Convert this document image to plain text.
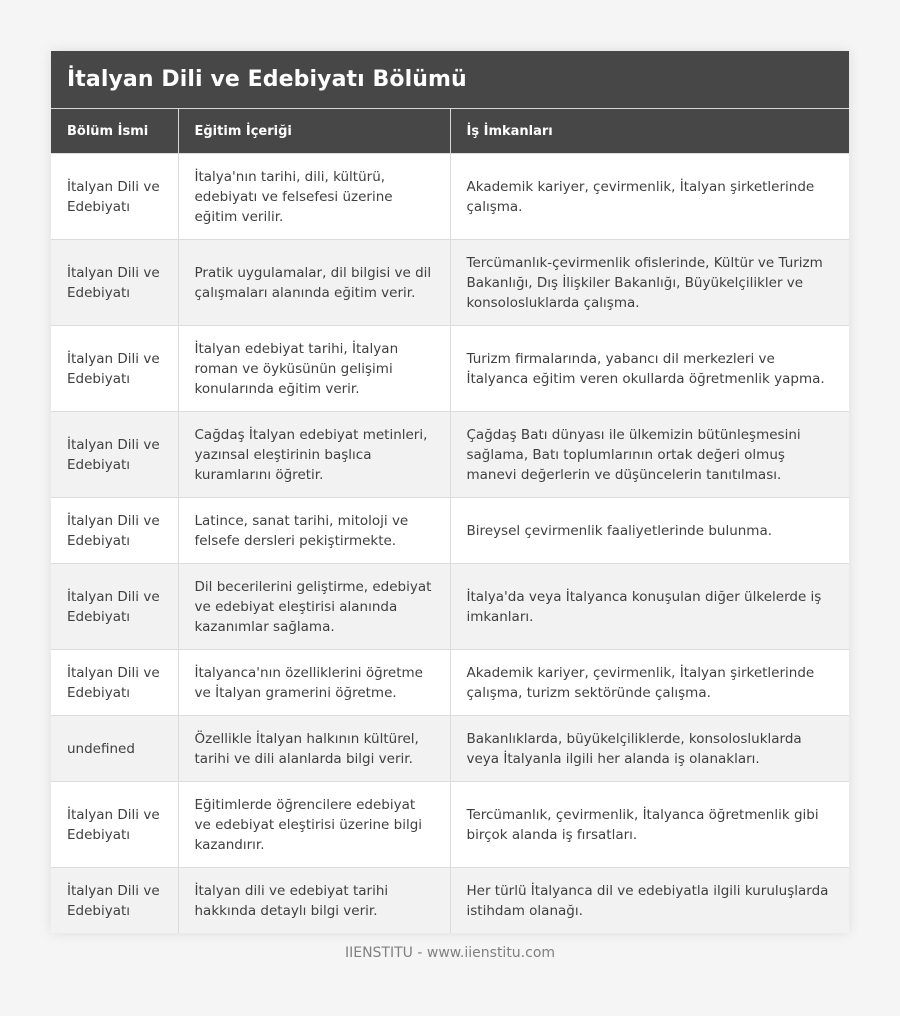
İtalyan Dili ve Edebiyatı Bölümü
Bölüm İsmi	Eğitim İçeriği	İş İmkanları
İtalyan Dili ve Edebiyatı	İtalya'nın tarihi, dili, kültürü, edebiyatı ve felsefesi üzerine eğitim verilir.	Akademik kariyer, çevirmenlik, İtalyan şirketlerinde çalışma.
İtalyan Dili ve Edebiyatı	Pratik uygulamalar, dil bilgisi ve dil çalışmaları alanında eğitim verir.	Tercümanlık-çevirmenlik ofislerinde, Kültür ve Turizm Bakanlığı, Dış İlişkiler Bakanlığı, Büyükelçilikler ve konsolosluklarda çalışma.
İtalyan Dili ve Edebiyatı	İtalyan edebiyat tarihi, İtalyan roman ve öyküsünün gelişimi konularında eğitim verir.	Turizm firmalarında, yabancı dil merkezleri ve İtalyanca eğitim veren okullarda öğretmenlik yapma.
İtalyan Dili ve Edebiyatı	Cağdaş İtalyan edebiyat metinleri, yazınsal eleştirinin başlıca kuramlarını öğretir.	Çağdaş Batı dünyası ile ülkemizin bütünleşmesini sağlama, Batı toplumlarının ortak değeri olmuş manevi değerlerin ve düşüncelerin tanıtılması.
İtalyan Dili ve Edebiyatı	Latince, sanat tarihi, mitoloji ve felsefe dersleri pekiştirmekte.	Bireysel çevirmenlik faaliyetlerinde bulunma.
İtalyan Dili ve Edebiyatı	Dil becerilerini geliştirme, edebiyat ve edebiyat eleştirisi alanında kazanımlar sağlama.	İtalya'da veya İtalyanca konuşulan diğer ülkelerde iş imkanları.
İtalyan Dili ve Edebiyatı	İtalyanca'nın özelliklerini öğretme ve İtalyan gramerini öğretme.	Akademik kariyer, çevirmenlik, İtalyan şirketlerinde çalışma, turizm sektöründe çalışma.
undefined	Özellikle İtalyan halkının kültürel, tarihi ve dili alanlarda bilgi verir.	Bakanlıklarda, büyükelçiliklerde, konsolosluklarda veya İtalyanla ilgili her alanda iş olanakları.
İtalyan Dili ve Edebiyatı	Eğitimlerde öğrencilere edebiyat ve edebiyat eleştirisi üzerine bilgi kazandırır.	Tercümanlık, çevirmenlik, İtalyanca öğretmenlik gibi birçok alanda iş fırsatları.
İtalyan Dili ve Edebiyatı	İtalyan dili ve edebiyat tarihi hakkında detaylı bilgi verir.	Her türlü İtalyanca dil ve edebiyatla ilgili kuruluşlarda istihdam olanağı.
IIENSTITU - www.iienstitu.com
